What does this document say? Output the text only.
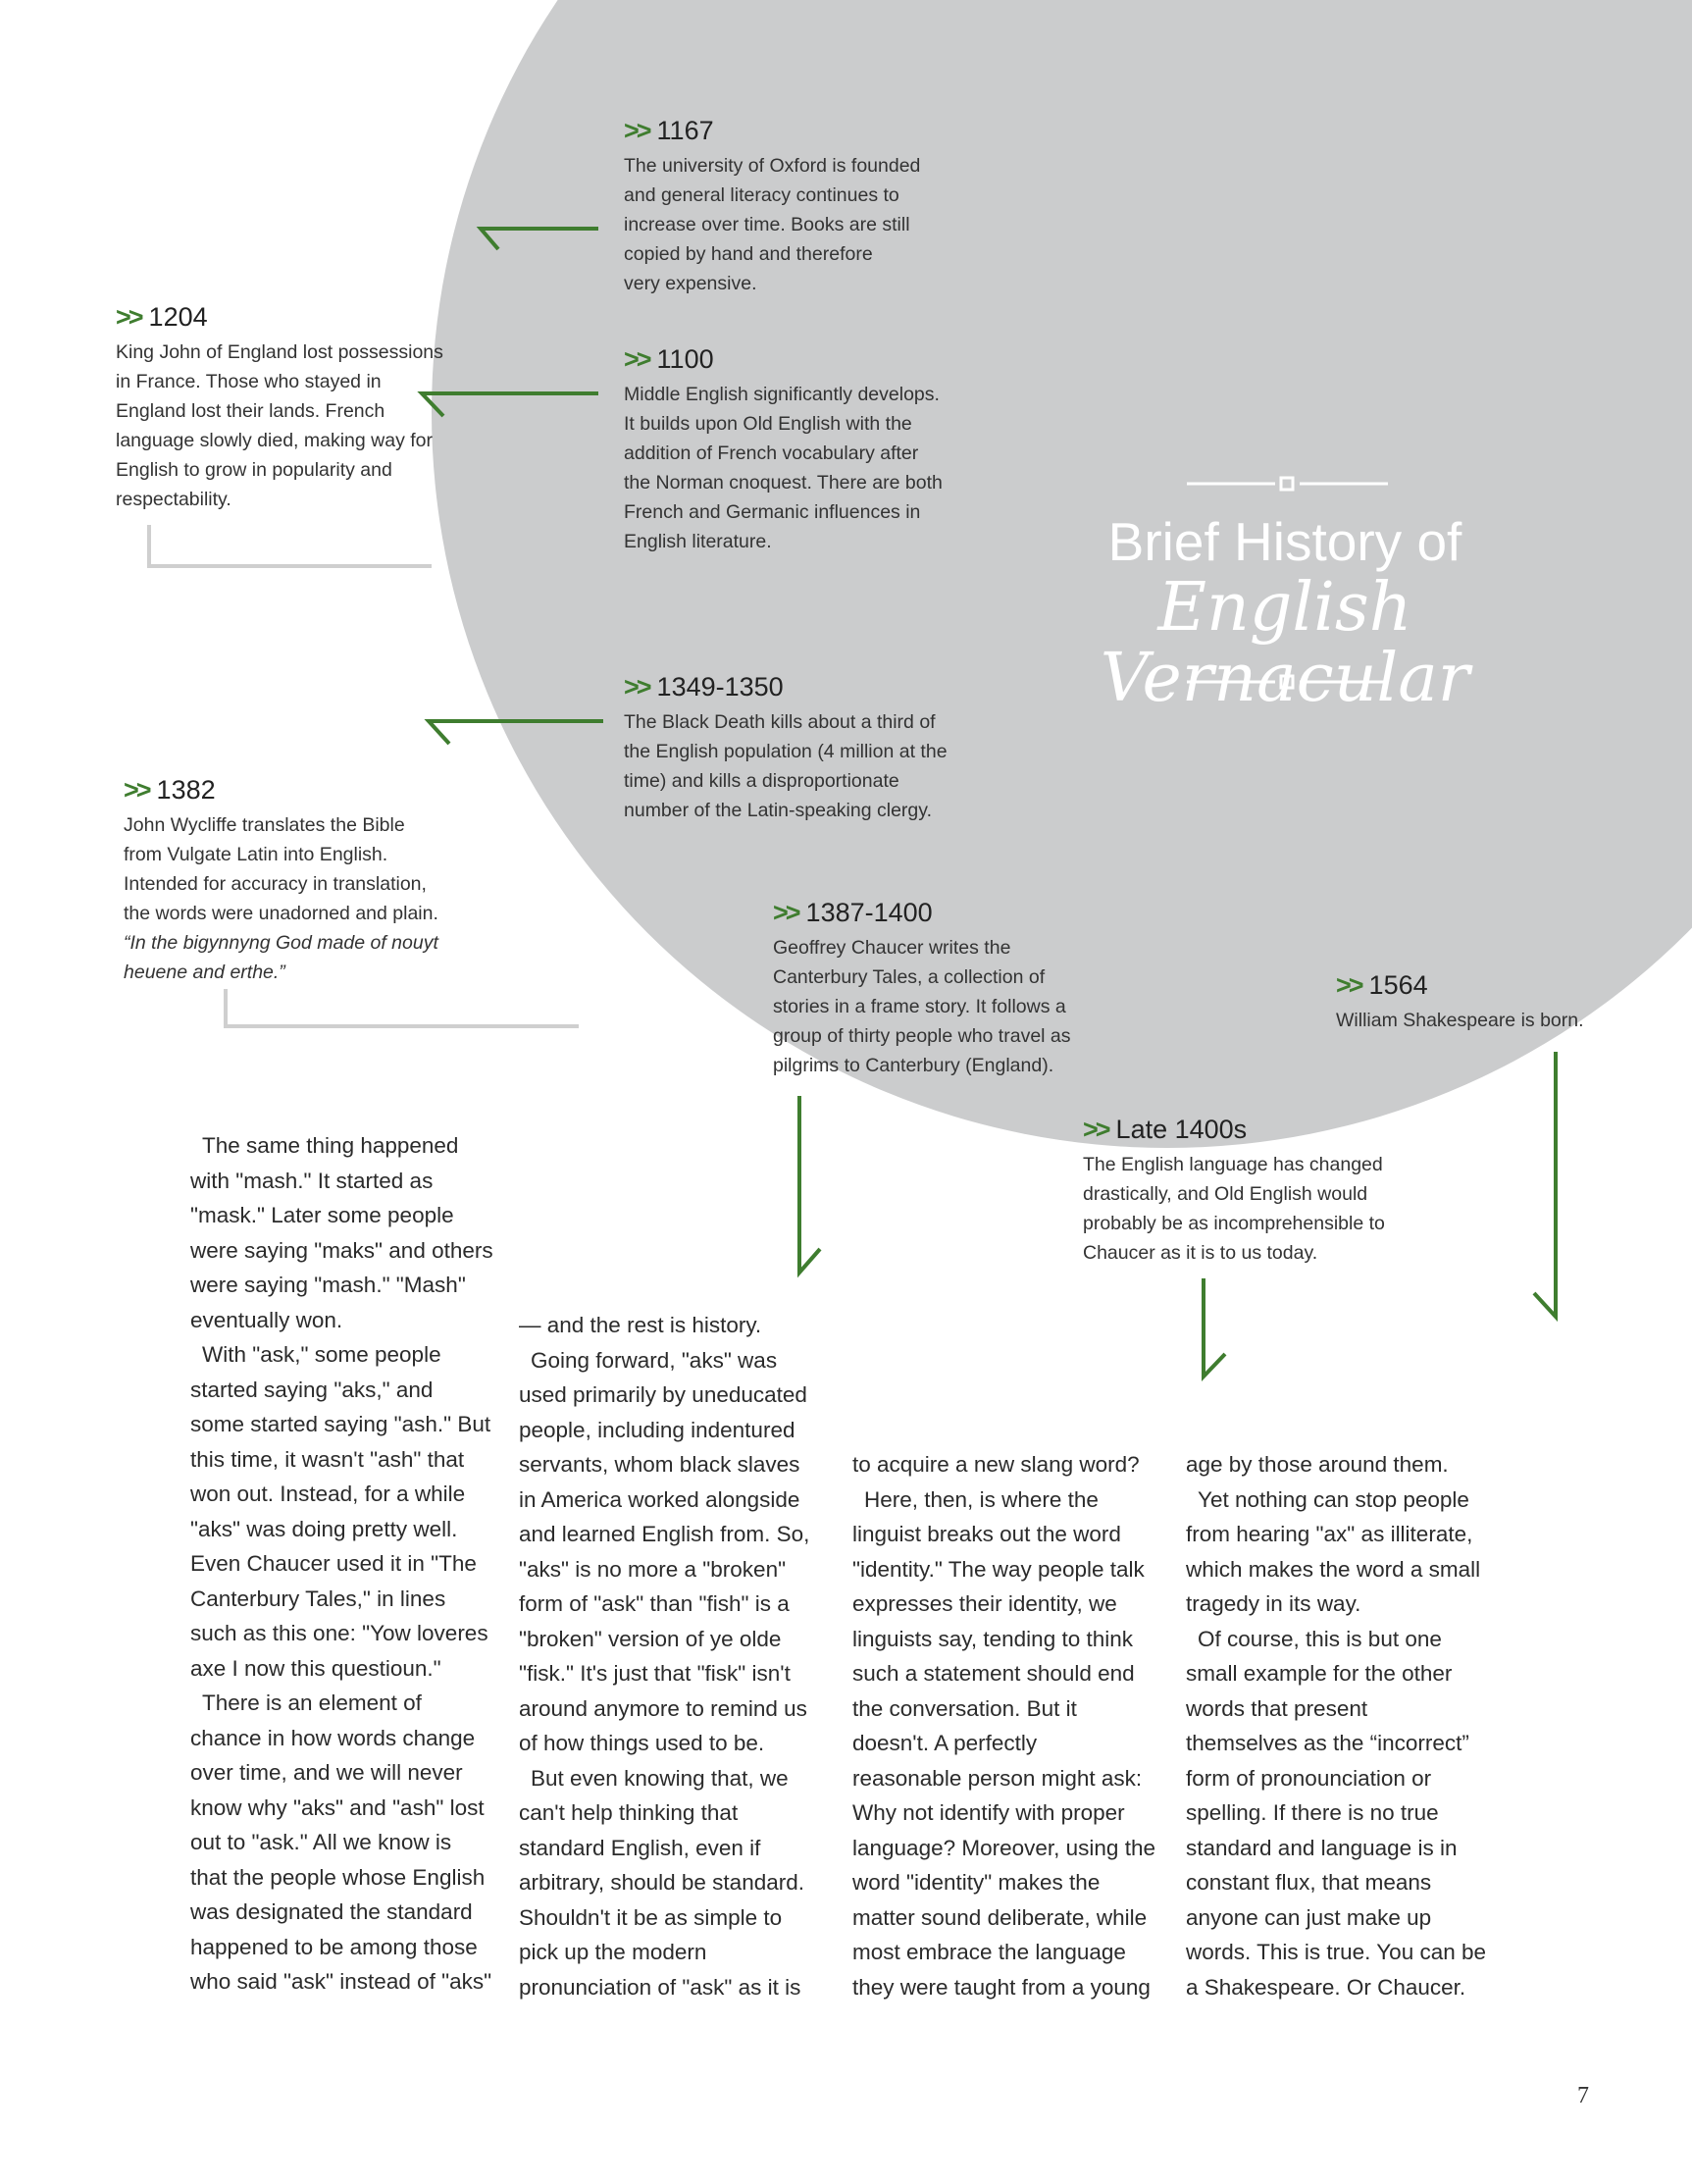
Brief History of
English Vernacular
>> 1167
The university of Oxford is founded
and general literacy continues to
increase over time. Books are still
copied by hand and therefore
very expensive.
>> 1204
King John of England lost possessions
in France. Those who stayed in
England lost their lands. French
language slowly died, making way for
English to grow in popularity and
respectability.
>> 1100
Middle English significantly develops.
It builds upon Old English with the
addition of French vocabulary after
the Norman cnoquest. There are both
French and Germanic influences in
English literature.
>> 1349-1350
The Black Death kills about a third of
the English population (4 million at the
time) and kills a disproportionate
number of the Latin-speaking clergy.
>> 1382
John Wycliffe translates the Bible
from Vulgate Latin into English.
Intended for accuracy in translation,
the words were unadorned and plain.
“In the bigynnyng God made of nouyt
heuene and erthe.”
>> 1387-1400
Geoffrey Chaucer writes the
Canterbury Tales, a collection of
stories in a frame story. It follows a
group of thirty people who travel as
pilgrims to Canterbury (England).
>> 1564
William Shakespeare is born.
>> Late 1400s
The English language has changed
drastically, and Old English would
probably be as incomprehensible to
Chaucer as it is to us today.

The same thing happened
with "mash." It started as
"mask." Later some people
were saying "maks" and others
were saying "mash." "Mash"
eventually won.

With "ask," some people
started saying "aks," and
some started saying "ash." But
this time, it wasn't "ash" that
won out. Instead, for a while
"aks" was doing pretty well.
Even Chaucer used it in "The
Canterbury Tales," in lines
such as this one: "Yow loveres
axe I now this questioun."

There is an element of
chance in how words change
over time, and we will never
know why "aks" and "ash" lost
out to "ask." All we know is
that the people whose English
was designated the standard
happened to be among those
who said "ask" instead of "aks"

— and the rest is history.

Going forward, "aks" was
used primarily by uneducated
people, including indentured
servants, whom black slaves
in America worked alongside
and learned English from. So,
"aks" is no more a "broken"
form of "ask" than "fish" is a
"broken" version of ye olde
"fisk." It's just that "fisk" isn't
around anymore to remind us
of how things used to be.

But even knowing that, we
can't help thinking that
standard English, even if
arbitrary, should be standard.
Shouldn't it be as simple to
pick up the modern
pronunciation of "ask" as it is

to acquire a new slang word?

Here, then, is where the
linguist breaks out the word
"identity." The way people talk
expresses their identity, we
linguists say, tending to think
such a statement should end
the conversation. But it
doesn't. A perfectly
reasonable person might ask:
Why not identify with proper
language? Moreover, using the
word "identity" makes the
matter sound deliberate, while
most embrace the language
they were taught from a young

age by those around them.

Yet nothing can stop people
from hearing "ax" as illiterate,
which makes the word a small
tragedy in its way.

Of course, this is but one
small example for the other
words that present
themselves as the “incorrect”
form of pronounciation or
spelling. If there is no true
standard and language is in
constant flux, that means
anyone can just make up
words. This is true. You can be
a Shakespeare. Or Chaucer.

7
